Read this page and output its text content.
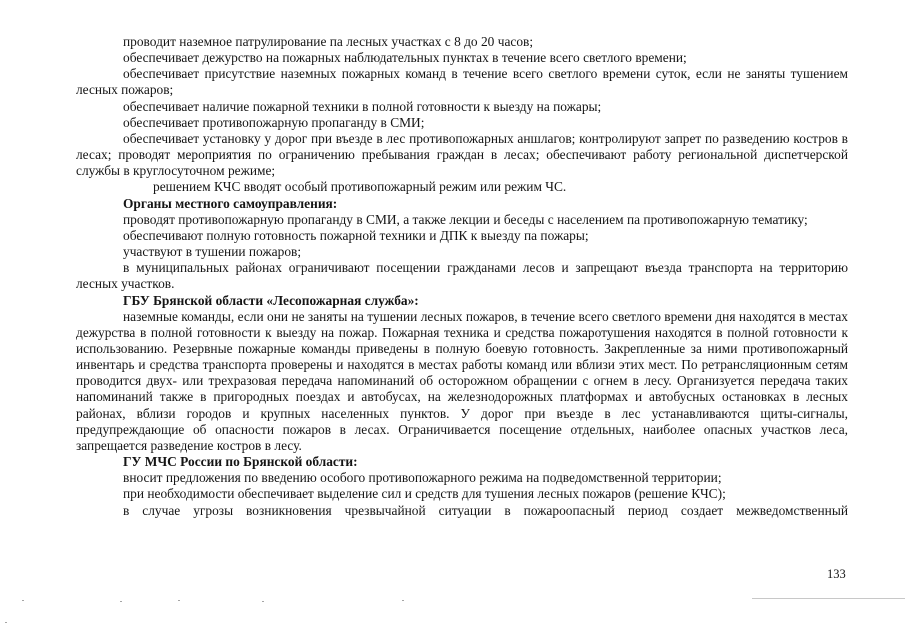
проводит наземное патрулирование па лесных участках с 8 до 20 часов;

обеспечивает дежурство на пожарных наблюдательных пунктах в течение всего светлого времени;

обеспечивает присутствие наземных пожарных команд в течение всего светлого времени суток, если не заняты тушением лесных пожаров;

обеспечивает наличие пожарной техники в полной готовности к выезду на пожары;

обеспечивает противопожарную пропаганду в СМИ;

обеспечивает установку у дорог при въезде в лес противопожарных аншлагов; контролируют запрет по разведению костров в лесах; проводят мероприятия по ограничению пребывания граждан в лесах; обеспечивают работу региональной диспетчерской службы в круглосуточном режиме;

решением КЧС вводят особый противопожарный режим или режим ЧС.

Органы местного самоуправления:

проводят противопожарную пропаганду в СМИ, а также лекции и беседы с населением па противопожарную тематику;

обеспечивают полную готовность пожарной техники и ДПК к выезду па пожары;

участвуют в тушении пожаров;

в муниципальных районах ограничивают посещении гражданами лесов и запрещают въезда транспорта на территорию лесных участков.

ГБУ Брянской области «Лесопожарная служба»:

наземные команды, если они не заняты на тушении лесных пожаров, в течение всего светлого времени дня находятся в местах дежурства в полной готовности к выезду на пожар. Пожарная техника и средства пожаротушения находятся в полной готовности к использованию. Резервные пожарные команды приведены в полную боевую готовность. Закрепленные за ними противопожарный инвентарь и средства транспорта проверены и находятся в местах работы команд или вблизи этих мест. По ретрансляционным сетям проводится двух- или трехразовая передача напоминаний об осторожном обращении с огнем в лесу. Организуется передача таких напоминаний также в пригородных поездах и автобусах, на железнодорожных платформах и автобусных остановках в лесных районах, вблизи городов и крупных населенных пунктов. У дорог при въезде в лес устанавливаются щиты-сигналы, предупреждающие об опасности пожаров в лесах. Ограничивается посещение отдельных, наиболее опасных участков леса, запрещается разведение костров в лесу.

ГУ МЧС России по Брянской области:

вносит предложения по введению особого противопожарного режима на подведомственной территории;

при необходимости обеспечивает выделение сил и средств для тушения лесных пожаров (решение КЧС);

в случае угрозы возникновения чрезвычайной ситуации в пожароопасный период создает межведомственный

133
